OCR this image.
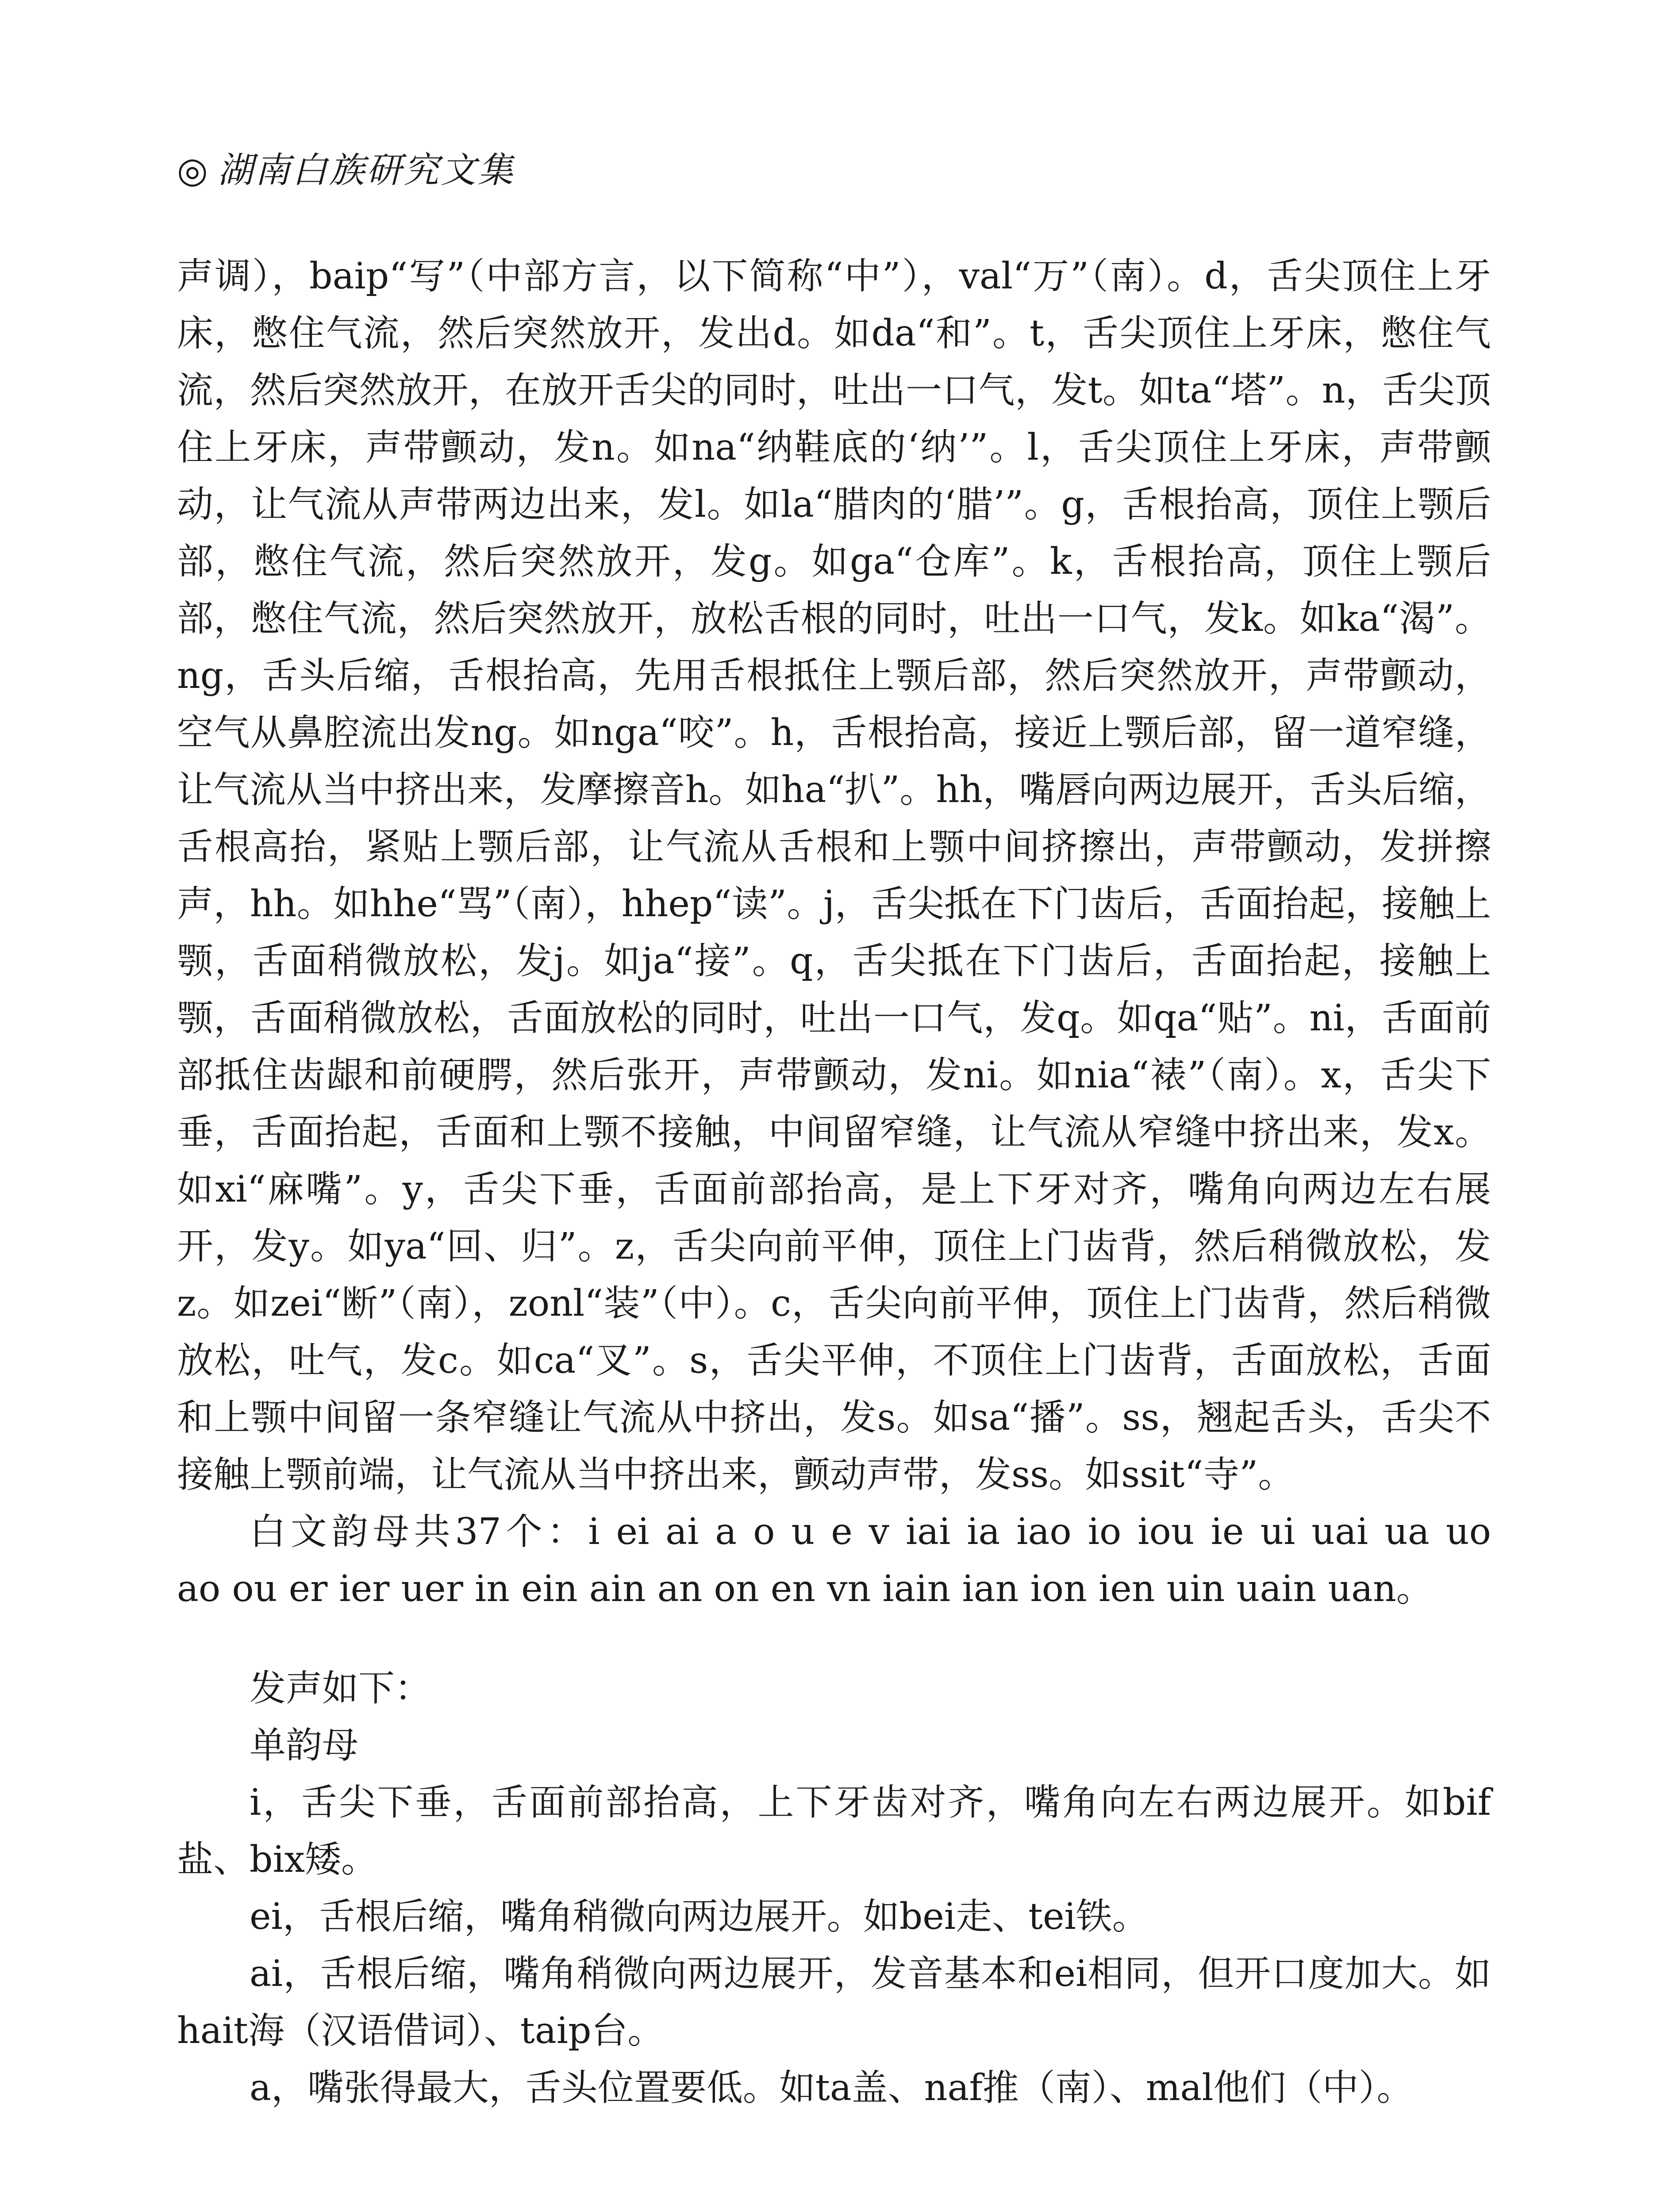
◎ 湖南白族研究文集

声调），baip“写”（中部方言，以下简称“中”），val“万”（南）。d，舌尖顶住上牙床，憋住气流，然后突然放开，发出d。如da“和”。t，舌尖顶住上牙床，憋住气流，然后突然放开，在放开舌尖的同时，吐出一口气，发t。如ta“塔”。n，舌尖顶住上牙床，声带颤动，发n。如na“纳鞋底的‘纳’”。l，舌尖顶住上牙床，声带颤动，让气流从声带两边出来，发l。如la“腊肉的‘腊’”。g，舌根抬高，顶住上颚后部，憋住气流，然后突然放开，发g。如ga“仓库”。k，舌根抬高，顶住上颚后部，憋住气流，然后突然放开，放松舌根的同时，吐出一口气，发k。如ka“渴”。ng，舌头后缩，舌根抬高，先用舌根抵住上颚后部，然后突然放开，声带颤动，空气从鼻腔流出发ng。如nga“咬”。h，舌根抬高，接近上颚后部，留一道窄缝，让气流从当中挤出来，发摩擦音h。如ha“扒”。hh，嘴唇向两边展开，舌头后缩，舌根高抬，紧贴上颚后部，让气流从舌根和上颚中间挤擦出，声带颤动，发拼擦声，hh。如hhe“骂”（南），hhep“读”。j，舌尖抵在下门齿后，舌面抬起，接触上颚，舌面稍微放松，发j。如ja“接”。q，舌尖抵在下门齿后，舌面抬起，接触上颚，舌面稍微放松，舌面放松的同时，吐出一口气，发q。如qa“贴”。ni，舌面前部抵住齿龈和前硬腭，然后张开，声带颤动，发ni。如nia“裱”（南）。x，舌尖下垂，舌面抬起，舌面和上颚不接触，中间留窄缝，让气流从窄缝中挤出来，发x。如xi“麻嘴”。y，舌尖下垂，舌面前部抬高，是上下牙对齐，嘴角向两边左右展开，发y。如ya“回、归”。z，舌尖向前平伸，顶住上门齿背，然后稍微放松，发z。如zei“断”（南），zonl“装”（中）。c，舌尖向前平伸，顶住上门齿背，然后稍微放松，吐气，发c。如ca“叉”。s，舌尖平伸，不顶住上门齿背，舌面放松，舌面和上颚中间留一条窄缝让气流从中挤出，发s。如sa“播”。ss，翘起舌头，舌尖不接触上颚前端，让气流从当中挤出来，颤动声带，发ss。如ssit“寺”。

白文韵母共37个：i ei ai a o u e v iai ia iao io iou ie ui uai ua uo

ao ou er ier uer in ein ain an on en vn iain ian ion ien uin uain uan。

发声如下：

单韵母

i，舌尖下垂，舌面前部抬高，上下牙齿对齐，嘴角向左右两边展开。如bif盐、bix矮。

ei，舌根后缩，嘴角稍微向两边展开。如bei走、tei铁。

ai，舌根后缩，嘴角稍微向两边展开，发音基本和ei相同，但开口度加大。如hait海（汉语借词）、taip台。

a，嘴张得最大，舌头位置要低。如ta盖、naf推（南）、mal他们（中）。
